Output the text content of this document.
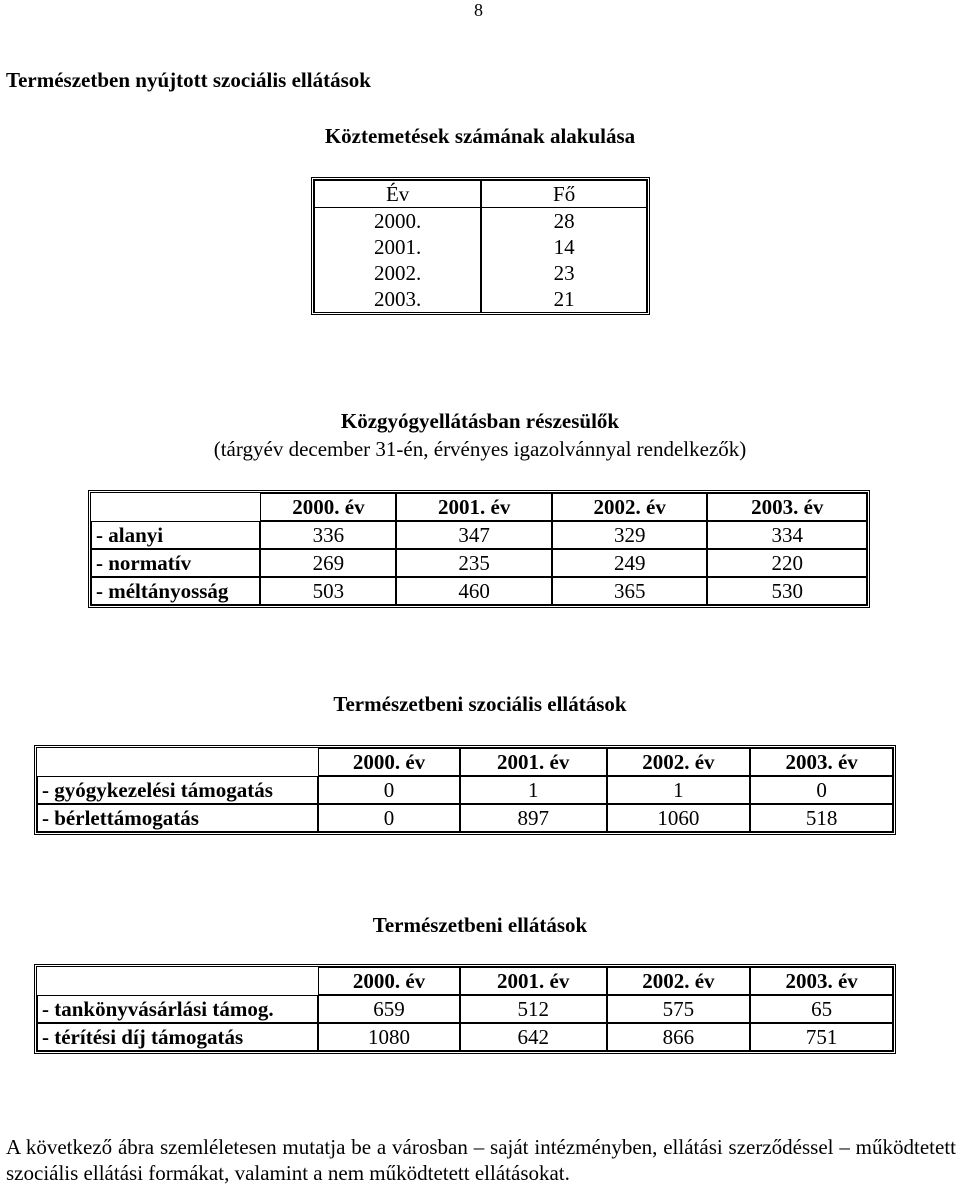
8
Természetben nyújtott szociális ellátások
Köztemetések számának alakulása
Év	Fő
2000.	28
2001.	14
2002.	23
2003.	21
Közgyógyellátásban részesülők
(tárgyév december 31-én, érvényes igazolvánnyal rendelkezők)
	2000. év	2001. év	2002. év	2003. év
- alanyi	336	347	329	334
- normatív	269	235	249	220
- méltányosság	503	460	365	530
Természetbeni szociális ellátások
	2000. év	2001. év	2002. év	2003. év
- gyógykezelési támogatás	0	1	1	0
- bérlettámogatás	0	897	1060	518
Természetbeni ellátások
	2000. év	2001. év	2002. év	2003. év
- tankönyvásárlási támog.	659	512	575	65
- térítési díj támogatás	1080	642	866	751
A következő ábra szemléletesen mutatja be a városban – saját intézményben, ellátási szerződéssel – működtetett szociális ellátási formákat, valamint a nem működtetett ellátásokat.
